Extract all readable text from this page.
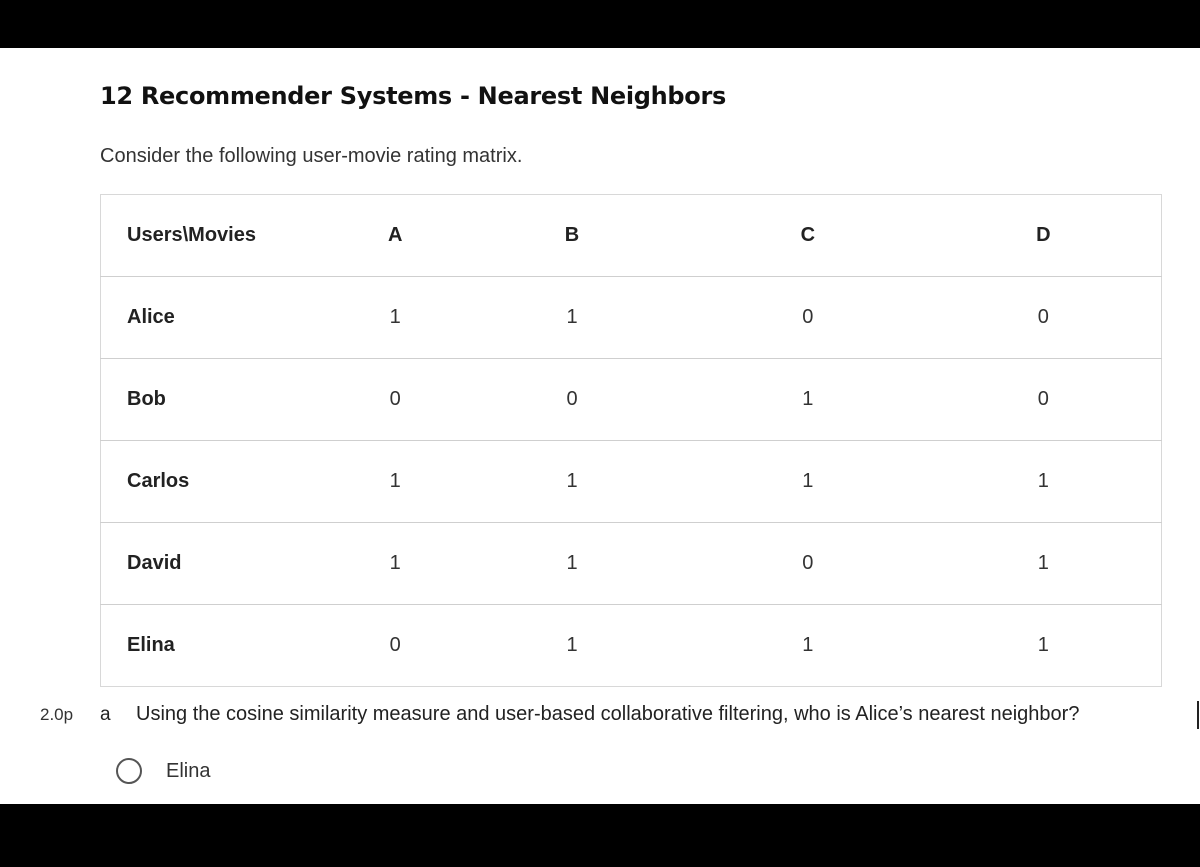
12 Recommender Systems - Nearest Neighbors
Consider the following user-movie rating matrix.
Users\Movies	A	B	C	D
Alice	1	1	0	0
Bob	0	0	1	0
Carlos	1	1	1	1
David	1	1	0	1
Elina	0	1	1	1
2.0p a Using the cosine similarity measure and user-based collaborative filtering, who is Alice’s nearest neighbor?
Elina
